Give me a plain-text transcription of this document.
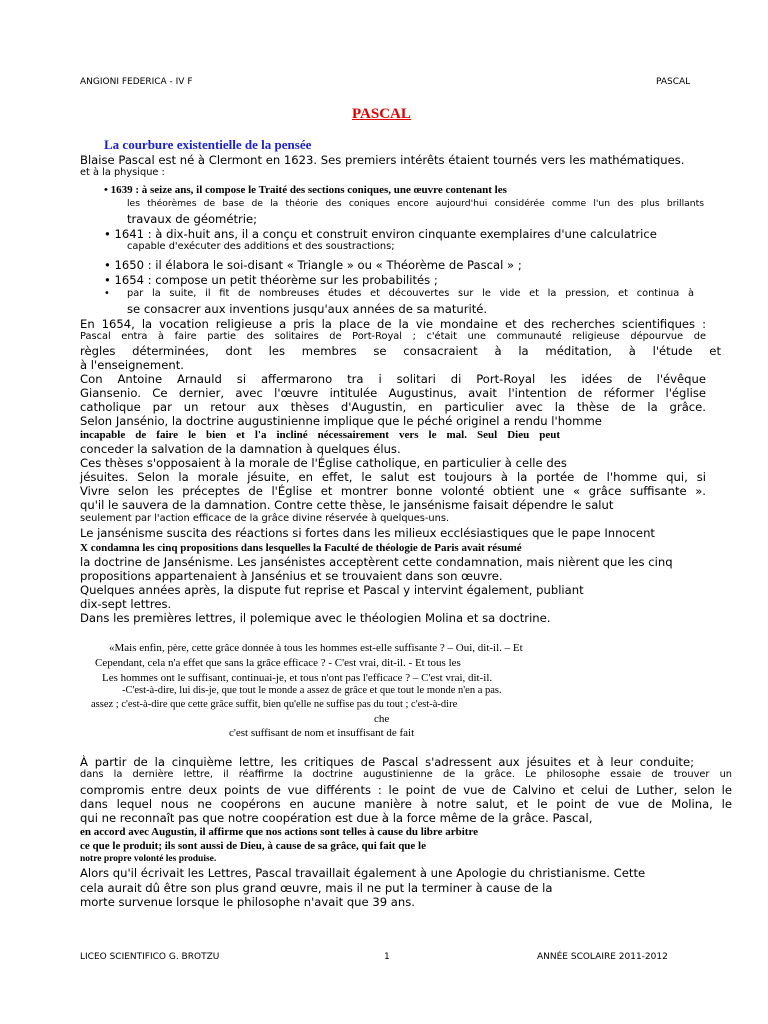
ANGIONI FEDERICA - IV F	PASCAL
PASCAL
La courbure existentielle de la pensée
Blaise Pascal est né à Clermont en 1623. Ses premiers intérêts étaient tournés vers les mathématiques.
et à la physique :
• 1639 : à seize ans, il compose le Traité des sections coniques, une œuvre contenant les
les théorèmes de base de la théorie des coniques encore aujourd'hui considérée comme l'un des plus brillants
travaux de géométrie;
• 1641 : à dix-huit ans, il a conçu et construit environ cinquante exemplaires d'une calculatrice
capable d'exécuter des additions et des soustractions;
• 1650 : il élabora le soi-disant « Triangle » ou « Théorème de Pascal » ;
• 1654 : compose un petit théorème sur les probabilités ;
• par la suite, il fit de nombreuses études et découvertes sur le vide et la pression, et continua à
se consacrer aux inventions jusqu'aux années de sa maturité.
En 1654, la vocation religieuse a pris la place de la vie mondaine et des recherches scientifiques :
Pascal entra à faire partie des solitaires de Port-Royal ; c'était une communauté religieuse dépourvue de
règles déterminées, dont les membres se consacraient à la méditation, à l'étude et
à l'enseignement.
Con Antoine Arnauld si affermarono tra i solitari di Port-Royal les idées de l'évêque
Giansenio. Ce dernier, avec l'œuvre intitulée Augustinus, avait l'intention de réformer l'église
catholique par un retour aux thèses d'Augustin, en particulier avec la thèse de la grâce.
Selon Jansénio, la doctrine augustinienne implique que le péché originel a rendu l'homme
incapable de faire le bien et l'a incliné nécessairement vers le mal. Seul Dieu peut
conceder la salvation de la damnation à quelques élus.
Ces thèses s'opposaient à la morale de l'Église catholique, en particulier à celle des
jésuites. Selon la morale jésuite, en effet, le salut est toujours à la portée de l'homme qui, si
Vivre selon les préceptes de l'Église et montrer bonne volonté obtient une « grâce suffisante ».
qu'il le sauvera de la damnation. Contre cette thèse, le jansénisme faisait dépendre le salut
seulement par l'action efficace de la grâce divine réservée à quelques-uns.
Le jansénisme suscita des réactions si fortes dans les milieux ecclésiastiques que le pape Innocent
X condamna les cinq propositions dans lesquelles la Faculté de théologie de Paris avait résumé
la doctrine de Jansénisme. Les jansénistes acceptèrent cette condamnation, mais nièrent que les cinq
propositions appartenaient à Jansénius et se trouvaient dans son œuvre.
Quelques années après, la dispute fut reprise et Pascal y intervint également, publiant
dix-sept lettres.
Dans les premières lettres, il polemique avec le théologien Molina et sa doctrine.
«Mais enfin, père, cette grâce donnée à tous les hommes est-elle suffisante ? – Oui, dit-il. – Et
Cependant, cela n'a effet que sans la grâce efficace ? - C'est vrai, dit-il. - Et tous les
Les hommes ont le suffisant, continuai-je, et tous n'ont pas l'efficace ? – C'est vrai, dit-il.
-C'est-à-dire, lui dis-je, que tout le monde a assez de grâce et que tout le monde n'en a pas.
assez ; c'est-à-dire que cette grâce suffit, bien qu'elle ne suffise pas du tout ; c'est-à-dire
che
c'est suffisant de nom et insuffisant de fait
À partir de la cinquième lettre, les critiques de Pascal s'adressent aux jésuites et à leur conduite;
dans la dernière lettre, il réaffirme la doctrine augustinienne de la grâce. Le philosophe essaie de trouver un
compromis entre deux points de vue différents : le point de vue de Calvino et celui de Luther, selon le
dans lequel nous ne coopérons en aucune manière à notre salut, et le point de vue de Molina, le
qui ne reconnaît pas que notre coopération est due à la force même de la grâce. Pascal,
en accord avec Augustin, il affirme que nos actions sont telles à cause du libre arbitre
ce que le produit; ils sont aussi de Dieu, à cause de sa grâce, qui fait que le
notre propre volonté les produise.
Alors qu'il écrivait les Lettres, Pascal travaillait également à une Apologie du christianisme. Cette
cela aurait dû être son plus grand œuvre, mais il ne put la terminer à cause de la
morte survenue lorsque le philosophe n'avait que 39 ans.
LICEO SCIENTIFICO G. BROTZU	1	ANNÉE SCOLAIRE 2011-2012
